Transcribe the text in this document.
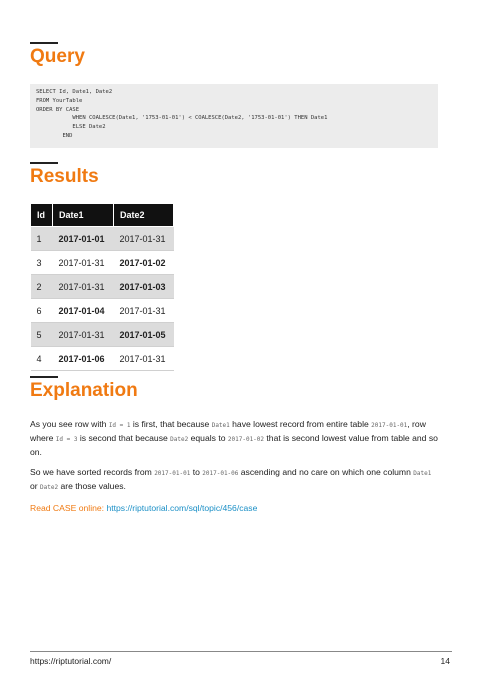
Query
SELECT Id, Date1, Date2
FROM YourTable
ORDER BY CASE
WHEN COALESCE(Date1, '1753-01-01') < COALESCE(Date2, '1753-01-01') THEN Date1
ELSE Date2
END
Results
Id	Date1	Date2
1	2017-01-01	2017-01-31
3	2017-01-31	2017-01-02
2	2017-01-31	2017-01-03
6	2017-01-04	2017-01-31
5	2017-01-31	2017-01-05
4	2017-01-06	2017-01-31
Explanation

As you see row with Id = 1 is first, that because Date1 have lowest record from entire table 2017-01-01, row where Id = 3 is second that because Date2 equals to 2017-01-02 that is second lowest value from table and so on.

So we have sorted records from 2017-01-01 to 2017-01-06 ascending and no care on which one column Date1 or Date2 are those values.

Read CASE online: https://riptutorial.com/sql/topic/456/case

https://riptutorial.com/	14
